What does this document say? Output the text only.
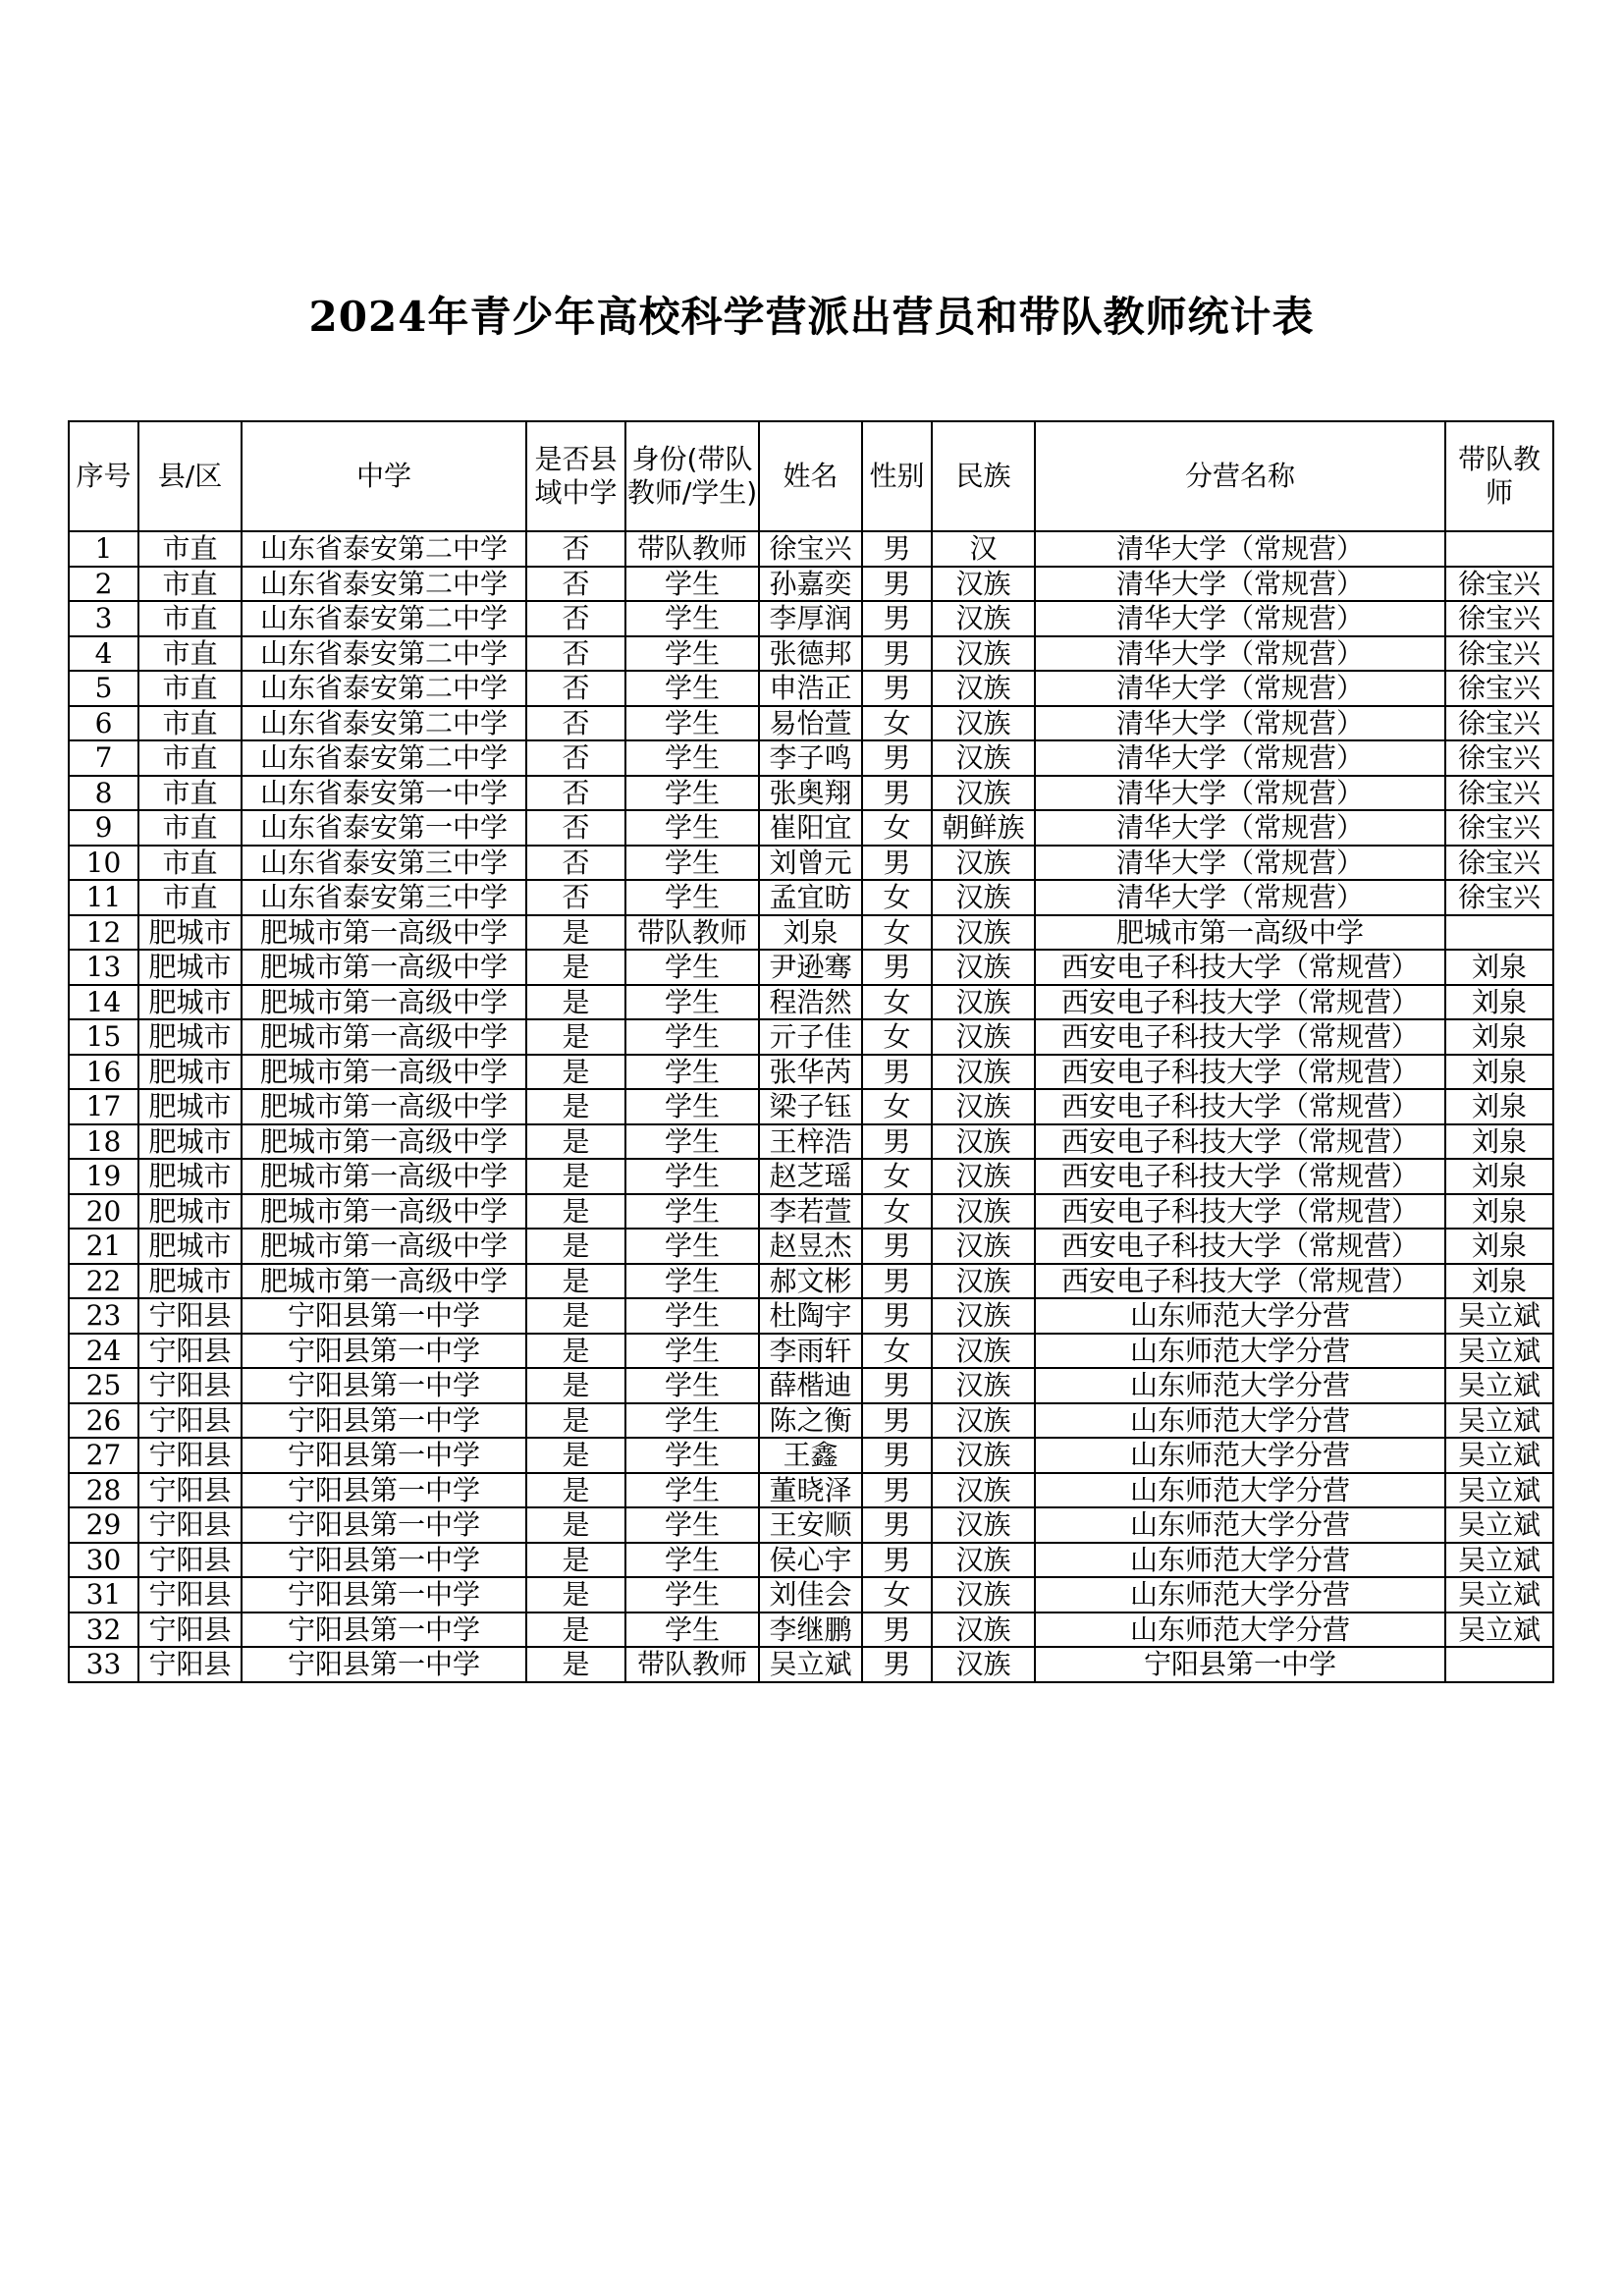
2024年青少年高校科学营派出营员和带队教师统计表
序号	县/区	中学	是否县域中学	身份(带队教师/学生)	姓名	性别	民族	分营名称	带队教师
1	市直	山东省泰安第二中学	否	带队教师	徐宝兴	男	汉	清华大学（常规营）	
2	市直	山东省泰安第二中学	否	学生	孙嘉奕	男	汉族	清华大学（常规营）	徐宝兴
3	市直	山东省泰安第二中学	否	学生	李厚润	男	汉族	清华大学（常规营）	徐宝兴
4	市直	山东省泰安第二中学	否	学生	张德邦	男	汉族	清华大学（常规营）	徐宝兴
5	市直	山东省泰安第二中学	否	学生	申浩正	男	汉族	清华大学（常规营）	徐宝兴
6	市直	山东省泰安第二中学	否	学生	易怡萱	女	汉族	清华大学（常规营）	徐宝兴
7	市直	山东省泰安第二中学	否	学生	李子鸣	男	汉族	清华大学（常规营）	徐宝兴
8	市直	山东省泰安第一中学	否	学生	张奥翔	男	汉族	清华大学（常规营）	徐宝兴
9	市直	山东省泰安第一中学	否	学生	崔阳宜	女	朝鲜族	清华大学（常规营）	徐宝兴
10	市直	山东省泰安第三中学	否	学生	刘曾元	男	汉族	清华大学（常规营）	徐宝兴
11	市直	山东省泰安第三中学	否	学生	孟宜昉	女	汉族	清华大学（常规营）	徐宝兴
12	肥城市	肥城市第一高级中学	是	带队教师	刘泉	女	汉族	肥城市第一高级中学	
13	肥城市	肥城市第一高级中学	是	学生	尹逊骞	男	汉族	西安电子科技大学（常规营）	刘泉
14	肥城市	肥城市第一高级中学	是	学生	程浩然	女	汉族	西安电子科技大学（常规营）	刘泉
15	肥城市	肥城市第一高级中学	是	学生	亓子佳	女	汉族	西安电子科技大学（常规营）	刘泉
16	肥城市	肥城市第一高级中学	是	学生	张华芮	男	汉族	西安电子科技大学（常规营）	刘泉
17	肥城市	肥城市第一高级中学	是	学生	梁子钰	女	汉族	西安电子科技大学（常规营）	刘泉
18	肥城市	肥城市第一高级中学	是	学生	王梓浩	男	汉族	西安电子科技大学（常规营）	刘泉
19	肥城市	肥城市第一高级中学	是	学生	赵芝瑶	女	汉族	西安电子科技大学（常规营）	刘泉
20	肥城市	肥城市第一高级中学	是	学生	李若萱	女	汉族	西安电子科技大学（常规营）	刘泉
21	肥城市	肥城市第一高级中学	是	学生	赵昱杰	男	汉族	西安电子科技大学（常规营）	刘泉
22	肥城市	肥城市第一高级中学	是	学生	郝文彬	男	汉族	西安电子科技大学（常规营）	刘泉
23	宁阳县	宁阳县第一中学	是	学生	杜陶宇	男	汉族	山东师范大学分营	吴立斌
24	宁阳县	宁阳县第一中学	是	学生	李雨轩	女	汉族	山东师范大学分营	吴立斌
25	宁阳县	宁阳县第一中学	是	学生	薛楷迪	男	汉族	山东师范大学分营	吴立斌
26	宁阳县	宁阳县第一中学	是	学生	陈之衡	男	汉族	山东师范大学分营	吴立斌
27	宁阳县	宁阳县第一中学	是	学生	王鑫	男	汉族	山东师范大学分营	吴立斌
28	宁阳县	宁阳县第一中学	是	学生	董晓泽	男	汉族	山东师范大学分营	吴立斌
29	宁阳县	宁阳县第一中学	是	学生	王安顺	男	汉族	山东师范大学分营	吴立斌
30	宁阳县	宁阳县第一中学	是	学生	侯心宇	男	汉族	山东师范大学分营	吴立斌
31	宁阳县	宁阳县第一中学	是	学生	刘佳会	女	汉族	山东师范大学分营	吴立斌
32	宁阳县	宁阳县第一中学	是	学生	李继鹏	男	汉族	山东师范大学分营	吴立斌
33	宁阳县	宁阳县第一中学	是	带队教师	吴立斌	男	汉族	宁阳县第一中学	
